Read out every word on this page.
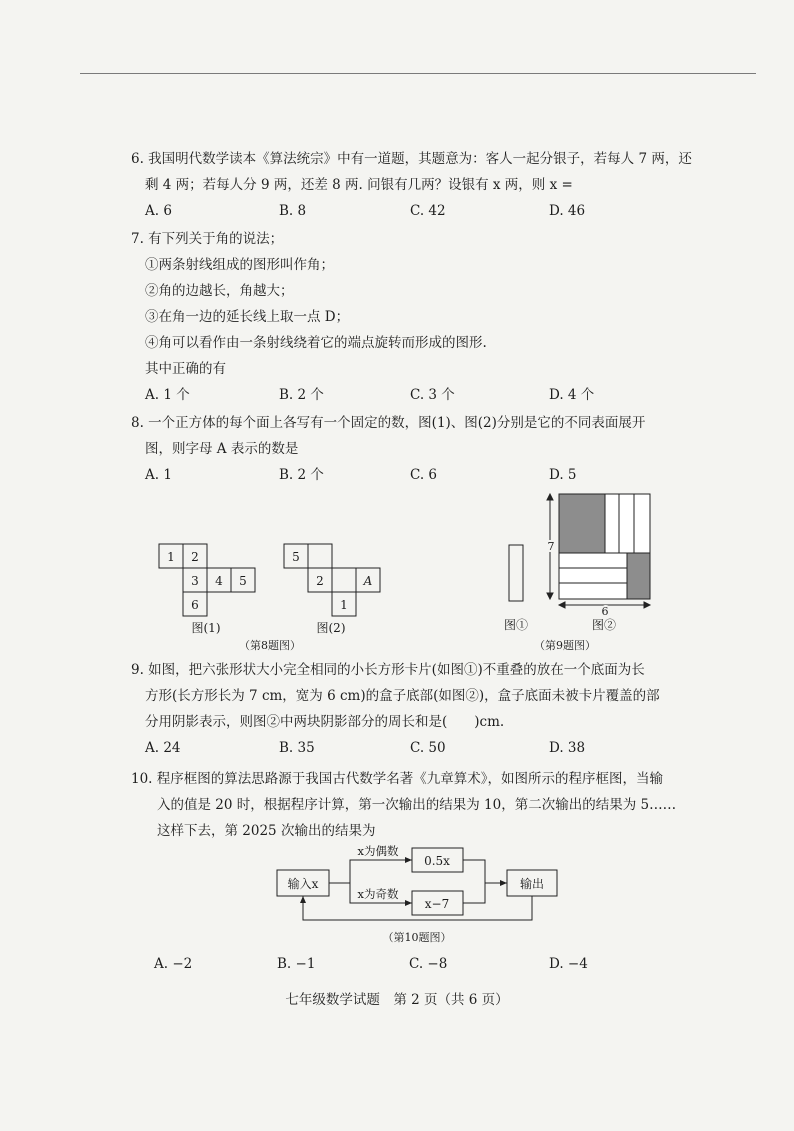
6. 我国明代数学读本《算法统宗》中有一道题，其题意为：客人一起分银子，若每人 7 两，还

剩 4 两；若每人分 9 两，还差 8 两. 问银有几两？设银有 x 两，则 x =

A. 6	B. 8	C. 42	D. 46

7. 有下列关于角的说法；

①两条射线组成的图形叫作角；

②角的边越长，角越大；

③在角一边的延长线上取一点 D；

④角可以看作由一条射线绕着它的端点旋转而形成的图形.

其中正确的有

A. 1 个	B. 2 个	C. 3 个	D. 4 个

8. 一个正方体的每个面上各写有一个固定的数，图(1)、图(2)分别是它的不同表面展开

图，则字母 A 表示的数是

A. 1	B. 2 个	C. 6	D. 5
1 2
3 4 5
6
5
2	A
1
图(1)	图(2)
（第8题图）
图①
7
6
图②
（第9题图）

9. 如图，把六张形状大小完全相同的小长方形卡片(如图①)不重叠的放在一个底面为长

方形(长方形长为 7 cm，宽为 6 cm)的盒子底部(如图②)，盒子底面未被卡片覆盖的部

分用阴影表示，则图②中两块阴影部分的周长和是(　　)cm.

A. 24	B. 35	C. 50	D. 38

10. 程序框图的算法思路源于我国古代数学名著《九章算术》，如图所示的程序框图，当输

入的值是 20 时，根据程序计算，第一次输出的结果为 10，第二次输出的结果为 5……

这样下去，第 2025 次输出的结果为

输入x
x为偶数
x为奇数
0.5x
x−7
输出
（第10题图）
A. −2	B. −1	C. −8	D. −4
七年级数学试题　第 2 页（共 6 页）
